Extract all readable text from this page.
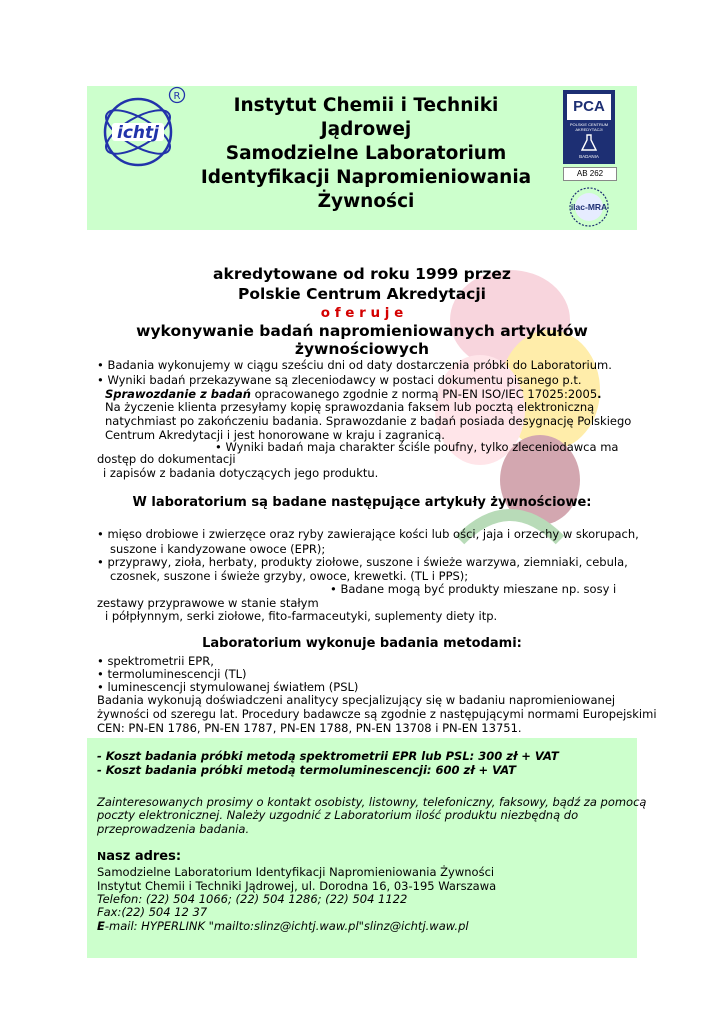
ichtj
R	Instytut Chemii i Techniki
Jądrowej
Samodzielne Laboratorium
Identyfikacji Napromieniowania
Żywności
PCA
POLSKIE CENTRUM
AKREDYTACJI
BADANIA
AB 262
ilac-MRA
akredytowane od roku 1999 przez
Polskie Centrum Akredytacji
o f e r u j e
wykonywanie badań napromieniowanych artykułów
żywnościowych
• Badania wykonujemy w ciągu sześciu dni od daty dostarczenia próbki do Laboratorium.
• Wyniki badań przekazywane są zleceniodawcy w postaci dokumentu pisanego p.t.
Sprawozdanie z badań opracowanego zgodnie z normą PN-EN ISO/IEC 17025:2005.
Na życzenie klienta przesyłamy kopię sprawozdania faksem lub pocztą elektroniczną
natychmiast po zakończeniu badania. Sprawozdanie z badań posiada desygnację Polskiego
Centrum Akredytacji i jest honorowane w kraju i zagranicą.
• Wyniki badań maja charakter ściśle poufny, tylko zleceniodawca ma
dostęp do dokumentacji
i zapisów z badania dotyczących jego produktu.
W laboratorium są badane następujące artykuły żywnościowe:
• mięso drobiowe i zwierzęce oraz ryby zawierające kości lub ości, jaja i orzechy w skorupach,
suszone i kandyzowane owoce (EPR);
• przyprawy, zioła, herbaty, produkty ziołowe, suszone i świeże warzywa, ziemniaki, cebula,
czosnek, suszone i świeże grzyby, owoce, krewetki. (TL i PPS);
• Badane mogą być produkty mieszane np. sosy i
zestawy przyprawowe w stanie stałym
i półpłynnym, serki ziołowe, fito-farmaceutyki, suplementy diety itp.
Laboratorium wykonuje badania metodami:
• spektrometrii EPR,
• termoluminescencji (TL)
• luminescencji stymulowanej światłem (PSL)
Badania wykonują doświadczeni analitycy specjalizujący się w badaniu napromieniowanej
żywności od szeregu lat. Procedury badawcze są zgodnie z następującymi normami Europejskimi
CEN: PN-EN 1786, PN-EN 1787, PN-EN 1788, PN-EN 13708 i PN-EN 13751.
- Koszt badania próbki metodą spektrometrii EPR lub PSL: 300 zł + VAT
- Koszt badania próbki metodą termoluminescencji: 600 zł + VAT
Zainteresowanych prosimy o kontakt osobisty, listowny, telefoniczny, faksowy, bądź za pomocą
poczty elektronicznej. Należy uzgodnić z Laboratorium ilość produktu niezbędną do
przeprowadzenia badania.
Nasz adres:
Samodzielne Laboratorium Identyfikacji Napromieniowania Żywności
Instytut Chemii i Techniki Jądrowej, ul. Dorodna 16, 03-195 Warszawa
Telefon: (22) 504 1066; (22) 504 1286; (22) 504 1122
Fax:(22) 504 12 37
E-mail: HYPERLINK "mailto:slinz@ichtj.waw.pl"slinz@ichtj.waw.pl
